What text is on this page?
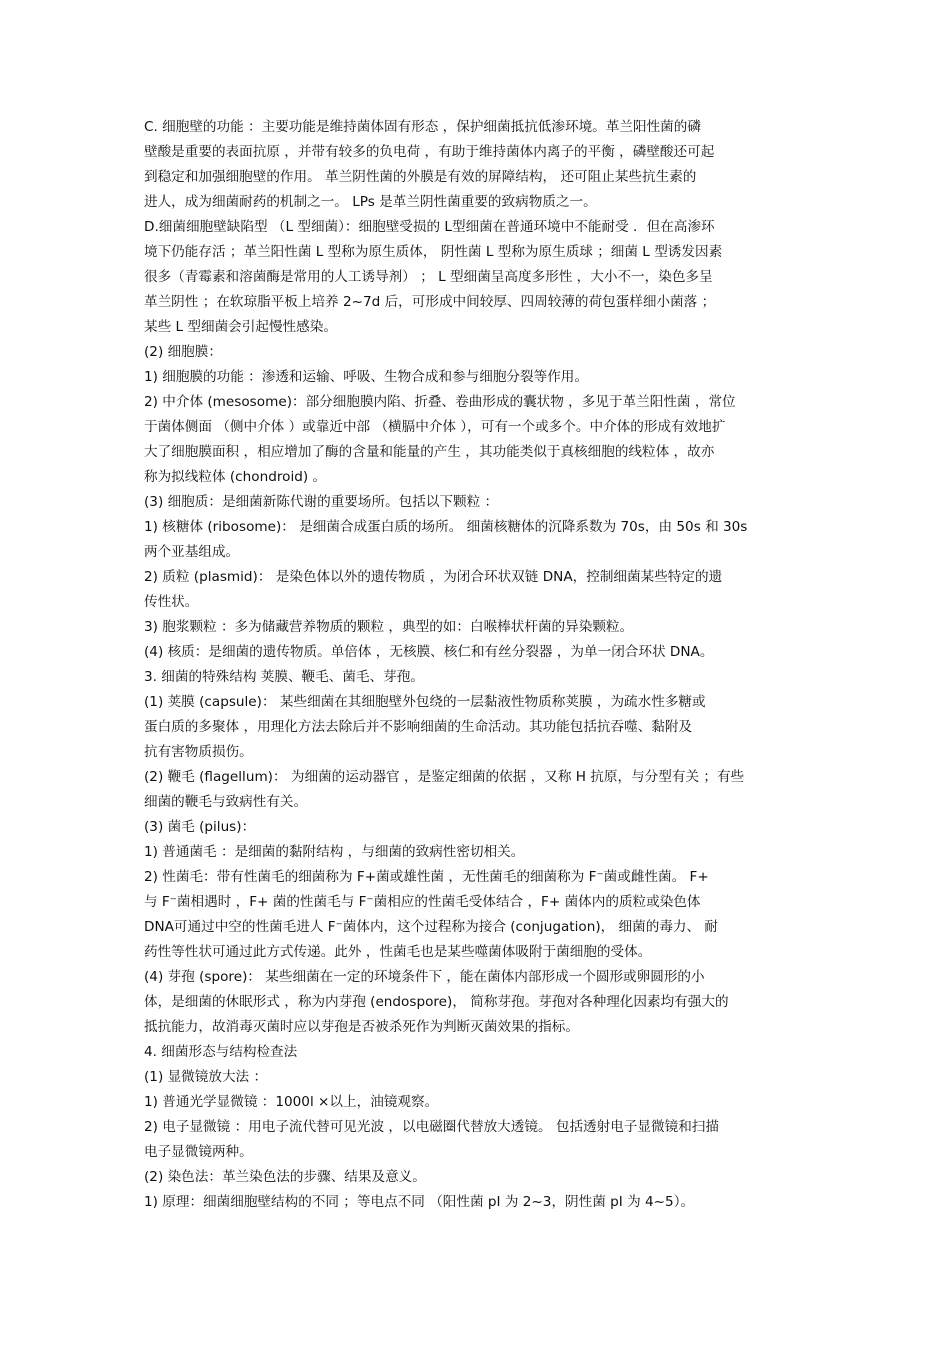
C. 细胞壁的功能 ：主要功能是维持菌体固有形态 ，保护细菌抵抗低渗环境。革兰阳性菌的磷
壁酸是重要的表面抗原 ，并带有较多的负电荷 ，有助于维持菌体内离子的平衡 ，磷壁酸还可起
到稳定和加强细胞壁的作用。 革兰阴性菌的外膜是有效的屏障结构， 还可阻止某些抗生素的
进人，成为细菌耐药的机制之一。 LPs 是革兰阴性菌重要的致病物质之一。
D.细菌细胞壁缺陷型 （L 型细菌）：细胞壁受损的 L型细菌在普通环境中不能耐受 ．但在高渗环
境下仍能存活 ；革兰阳性菌 L 型称为原生质体， 阴性菌 L 型称为原生质球 ；细菌 L 型诱发因素
很多（青霉素和溶菌酶是常用的人工诱导剂） ； L 型细菌呈高度多形性 ，大小不一，染色多呈
革兰阴性 ；在软琼脂平板上培养 2~7d 后，可形成中间较厚、四周较薄的荷包蛋样细小菌落 ；
某些 L 型细菌会引起慢性感染。
(2) 细胞膜：
1) 细胞膜的功能 ：渗透和运输、呼吸、生物合成和参与细胞分裂等作用。
2) 中介体 (mesosome)：部分细胞膜内陷、折叠、卷曲形成的囊状物 ，多见于革兰阳性菌 ，常位
于菌体侧面 （侧中介体 ）或靠近中部 （横膈中介体 ），可有一个或多个。中介体的形成有效地扩
大了细胞膜面积 ，相应增加了酶的含量和能量的产生 ，其功能类似于真核细胞的线粒体 ，故亦
称为拟线粒体 (chondroid) 。
(3) 细胞质：是细菌新陈代谢的重要场所。包括以下颗粒 ：
1) 核糖体 (ribosome)： 是细菌合成蛋白质的场所。 细菌核糖体的沉降系数为 70s，由 50s 和 30s
两个亚基组成。
2) 质粒 (plasmid)： 是染色体以外的遗传物质 ，为闭合环状双链 DNA，控制细菌某些特定的遗
传性状。
3) 胞浆颗粒 ：多为储藏营养物质的颗粒 ，典型的如：白喉棒状杆菌的异染颗粒。
(4) 核质：是细菌的遗传物质。单倍体 ，无核膜、核仁和有丝分裂器 ，为单一闭合环状 DNA。
3. 细菌的特殊结构 荚膜、鞭毛、菌毛、芽孢。
(1) 荚膜 (capsule)： 某些细菌在其细胞壁外包绕的一层黏液性物质称荚膜 ，为疏水性多糖或
蛋白质的多聚体 ，用理化方法去除后并不影响细菌的生命活动。其功能包括抗吞噬、黏附及
抗有害物质损伤。
(2) 鞭毛 (flagellum)： 为细菌的运动器官 ，是鉴定细菌的依据 ，又称 H 抗原，与分型有关 ；有些
细菌的鞭毛与致病性有关。
(3) 菌毛 (pilus)：
1) 普通菌毛 ：是细菌的黏附结构 ，与细菌的致病性密切相关。
2) 性菌毛：带有性菌毛的细菌称为 F+菌或雄性菌 ，无性菌毛的细菌称为 F⁻菌或雌性菌。 F+
与 F⁻菌相遇时 ，F+ 菌的性菌毛与 F⁻菌相应的性菌毛受体结合 ，F+ 菌体内的质粒或染色体
DNA可通过中空的性菌毛进人 F⁻菌体内，这个过程称为接合 (conjugation)， 细菌的毒力、 耐
药性等性状可通过此方式传递。此外 ，性菌毛也是某些噬菌体吸附于菌细胞的受体。
(4) 芽孢 (spore)： 某些细菌在一定的环境条件下 ，能在菌体内部形成一个圆形或卵圆形的小
体，是细菌的休眠形式 ，称为内芽孢 (endospore)， 简称芽孢。芽孢对各种理化因素均有强大的
抵抗能力，故消毒灭菌时应以芽孢是否被杀死作为判断灭菌效果的指标。
4. 细菌形态与结构检查法
(1) 显微镜放大法 ：
1) 普通光学显微镜 ：1000l ×以上，油镜观察。
2) 电子显微镜 ：用电子流代替可见光波 ，以电磁圈代替放大透镜。 包括透射电子显微镜和扫描
电子显微镜两种。
(2) 染色法：革兰染色法的步骤、结果及意义。
1) 原理：细菌细胞壁结构的不同 ；等电点不同 （阳性菌 pI 为 2~3，阴性菌 pI 为 4~5）。
